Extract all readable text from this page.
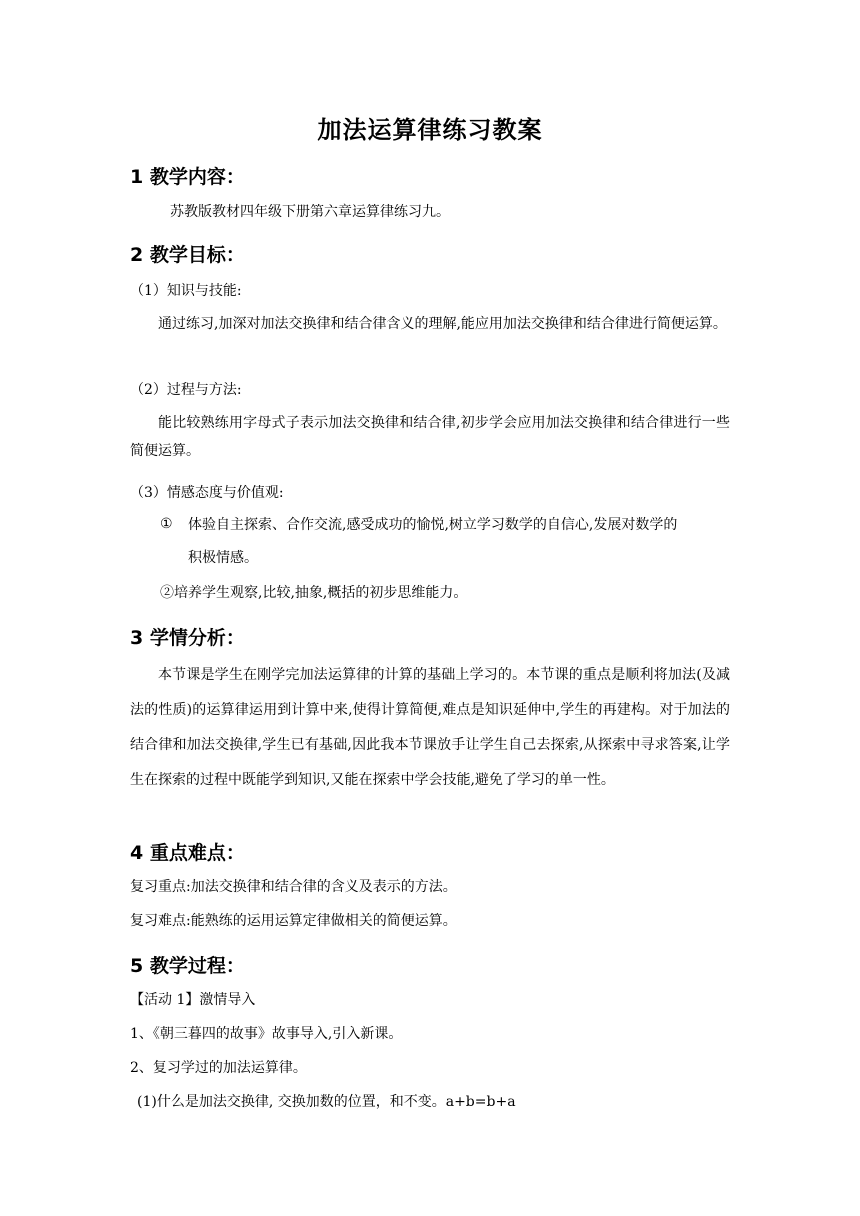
加法运算律练习教案
1 教学内容：
苏教版教材四年级下册第六章运算律练习九。
2 教学目标：
（1）知识与技能:
通过练习,加深对加法交换律和结合律含义的理解,能应用加法交换律和结合律进行简便运算。
（2）过程与方法:
能比较熟练用字母式子表示加法交换律和结合律,初步学会应用加法交换律和结合律进行一些简便运算。
（3）情感态度与价值观:
① 体验自主探索、合作交流,感受成功的愉悦,树立学习数学的自信心,发展对数学的
积极情感。
②培养学生观察,比较,抽象,概括的初步思维能力。
3 学情分析：
本节课是学生在刚学完加法运算律的计算的基础上学习的。本节课的重点是顺利将加法(及减法的性质)的运算律运用到计算中来,使得计算简便,难点是知识延伸中,学生的再建构。对于加法的结合律和加法交换律,学生已有基础,因此我本节课放手让学生自己去探索,从探索中寻求答案,让学生在探索的过程中既能学到知识,又能在探索中学会技能,避免了学习的单一性。
4 重点难点：
复习重点:加法交换律和结合律的含义及表示的方法。
复习难点:能熟练的运用运算定律做相关的简便运算。
5 教学过程：
【活动 1】激情导入
1、《朝三暮四的故事》故事导入,引入新课。
2、复习学过的加法运算律。
(1)什么是加法交换律, 交换加数的位置，和不变。a+b=b+a
